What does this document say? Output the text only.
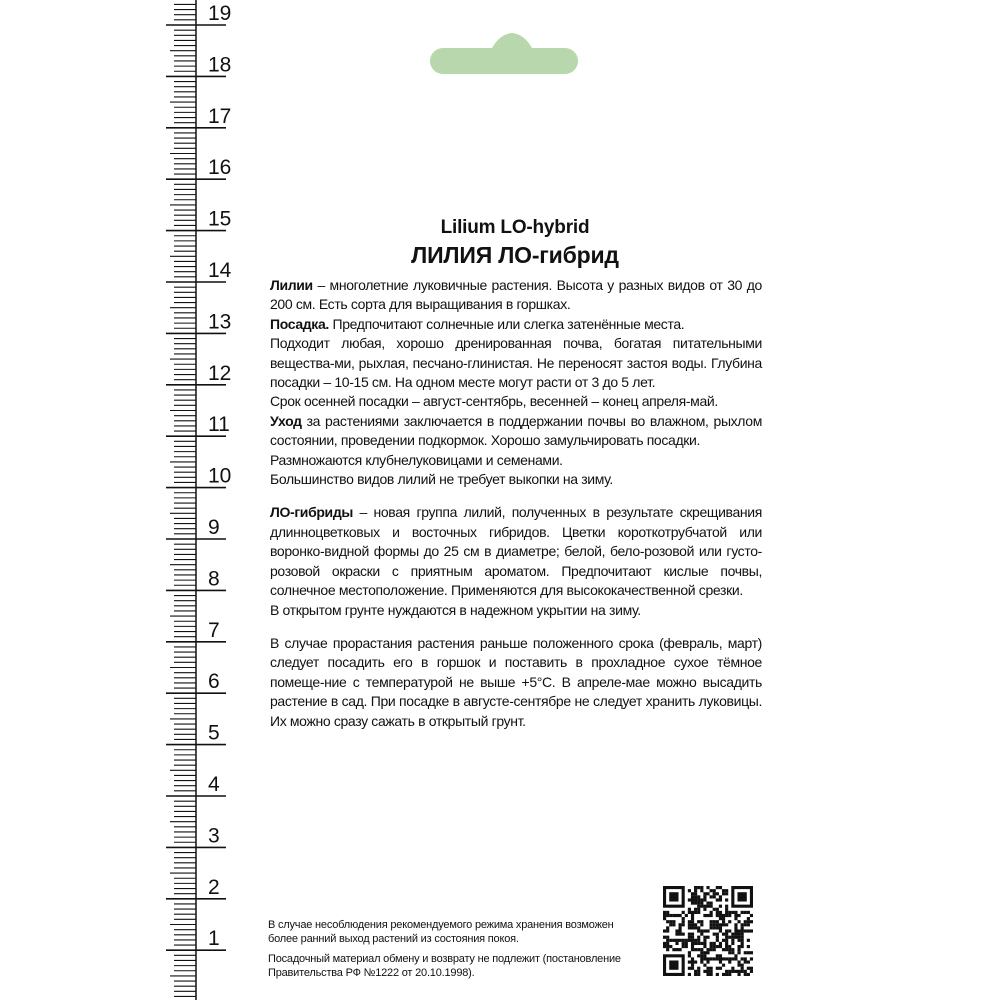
19
18
17
16
15
14
13
12
11
10
9
8
7
6
5
4
3
2
1

Lilium LO-hybrid

ЛИЛИЯ ЛО-гибрид

Лилии – многолетние луковичные растения. Высота у разных видов от 30 до 200 см. Есть сорта для выращивания в горшках.

Посадка. Предпочитают солнечные или слегка затенённые места.

Подходит любая, хорошо дренированная почва, богатая питательными вещества-ми, рыхлая, песчано-глинистая. Не переносят застоя воды. Глубина посадки – 10-15 см. На одном месте могут расти от 3 до 5 лет.

Срок осенней посадки – август-сентябрь, весенней – конец апреля-май.

Уход за растениями заключается в поддержании почвы во влажном, рыхлом состоянии, проведении подкормок. Хорошо замульчировать посадки.

Размножаются клубнелуковицами и семенами.

Большинство видов лилий не требует выкопки на зиму.

ЛО-гибриды – новая группа лилий, полученных в результате скрещивания длинноцветковых и восточных гибридов. Цветки короткотрубчатой или воронко-видной формы до 25 см в диаметре; белой, бело-розовой или густо-розовой окраски с приятным ароматом. Предпочитают кислые почвы, солнечное местоположение. Применяются для высококачественной срезки.

В открытом грунте нуждаются в надежном укрытии на зиму.

В случае прорастания растения раньше положенного срока (февраль, март) следует посадить его в горшок и поставить в прохладное сухое тёмное помеще-ние с температурой не выше +5°С. В апреле-мае можно высадить растение в сад. При посадке в августе-сентябре не следует хранить луковицы. Их можно сразу сажать в открытый грунт.

В случае несоблюдения рекомендуемого режима хранения возможен более ранний выход растений из состояния покоя.

Посадочный материал обмену и возврату не подлежит (постановление Правительства РФ №1222 от 20.10.1998).
